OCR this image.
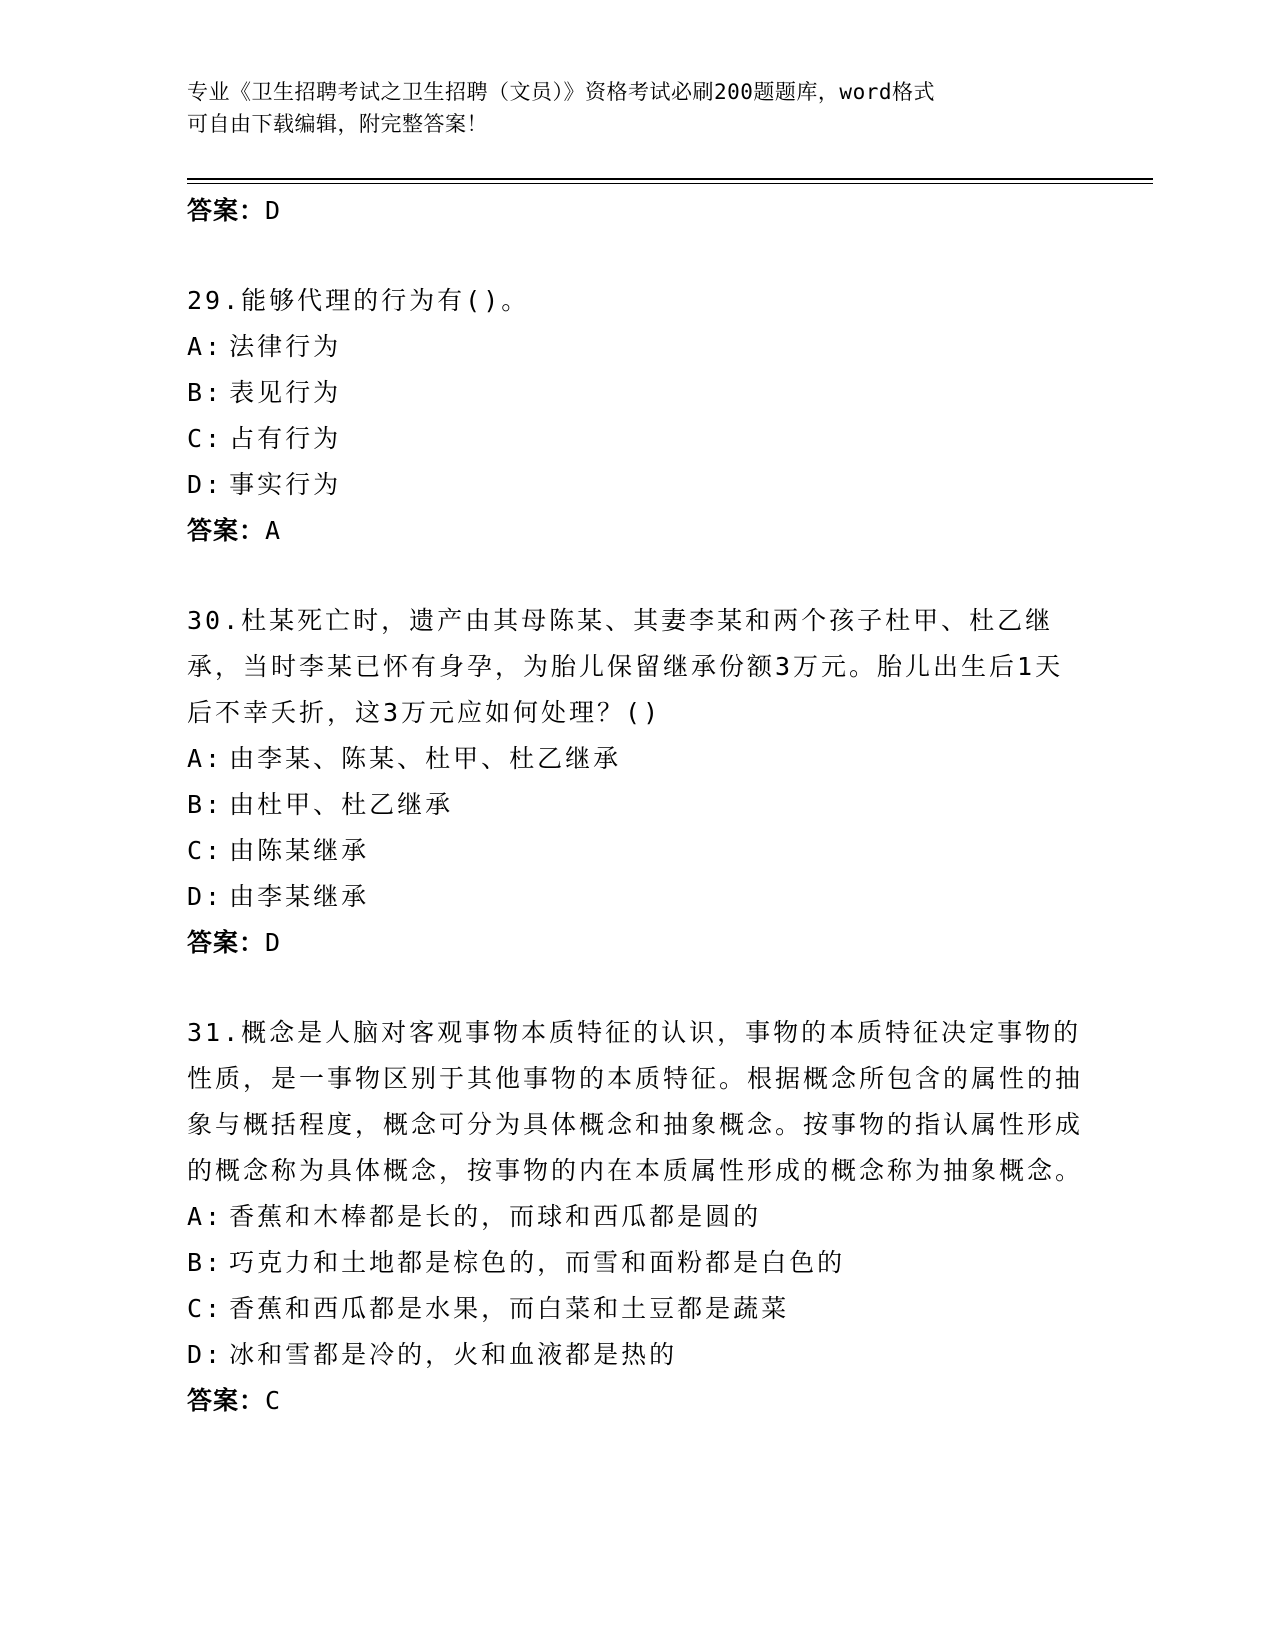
专业《卫生招聘考试之卫生招聘（文员）》资格考试必刷200题题库，word格式
可自由下载编辑，附完整答案！
答案：D
29.能够代理的行为有()。
A: 法律行为
B: 表见行为
C: 占有行为
D: 事实行为
答案：A
30.杜某死亡时，遗产由其母陈某、其妻李某和两个孩子杜甲、杜乙继承，当时李某已怀有身孕，为胎儿保留继承份额3万元。胎儿出生后1天后不幸夭折，这3万元应如何处理？()
A: 由李某、陈某、杜甲、杜乙继承
B: 由杜甲、杜乙继承
C: 由陈某继承
D: 由李某继承
答案：D
31.概念是人脑对客观事物本质特征的认识，事物的本质特征决定事物的性质，是一事物区别于其他事物的本质特征。根据概念所包含的属性的抽象与概括程度，概念可分为具体概念和抽象概念。按事物的指认属性形成的概念称为具体概念，按事物的内在本质属性形成的概念称为抽象概念。
A: 香蕉和木棒都是长的，而球和西瓜都是圆的
B: 巧克力和土地都是棕色的，而雪和面粉都是白色的
C: 香蕉和西瓜都是水果，而白菜和土豆都是蔬菜
D: 冰和雪都是冷的，火和血液都是热的
答案：C
